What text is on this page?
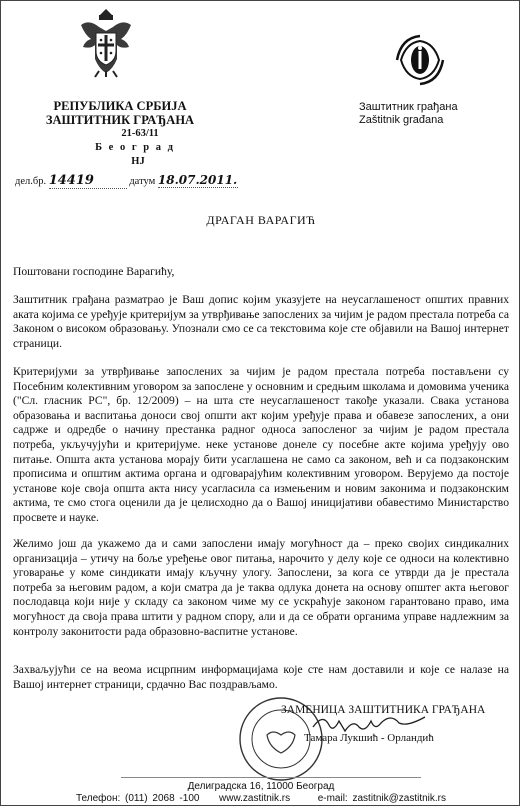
РЕПУБЛИКА СРБИЈА
ЗАШТИТНИК ГРАЂАНА
21-63/11
Б е о г р а д
НЈ
Заштитник грађана
Zaštitnik građana
дел.бр. 14419	датум 18.07.2011.
ДРАГАН ВАРАГИЋ
Поштовани господине Варагићу,
Заштитник грађана разматрао је Ваш допис којим указујете на неусаглашеност општих правних аката којима се уређује критеријум за утврђивање запослених за чијим је радом престала потреба са Законом о високом образовању. Упознали смо се са текстовима које сте објавили на Вашој интернет страници.
Критеријуми за утврђивање запослених за чијим је радом престала потреба постављени су Посебним колективним уговором за запослене у основним и средњим школама и домовима ученика ("Сл. гласник РС", бр. 12/2009) – на шта сте неусаглашеност такође указали. Свака установа образовања и васпитања доноси свој општи акт којим уређује права и обавезе запослених, а они садрже и одредбе о начину престанка радног односа запосленог за чијим је радом престала потреба, укључујући и критеријуме. неке установе донеле су посебне акте којима уређују ово питање. Општа акта установа морају бити усаглашена не само са законом, већ и са подзаконским прописима и општим актима органа и одговарајућим колективним уговором. Верујемо да постоје установе које своја општа акта нису усагласила са измењеним и новим законима и подзаконским актима, те смо стога оценили да је целисходно да о Вашој иницијативи обавестимо Министарство просвете и науке.
Желимо још да укажемо да и сами запослени имају могућност да – преко својих синдикалних организација – утичу на боље уређење овог питања, нарочито у делу које се односи на колективно уговарање у коме синдикати имају кључну улогу. Запослени, за кога се утврди да је престала потреба за његовим радом, а који сматра да је таква одлука донета на основу општег акта његовог послодавца који није у складу са законом чиме му се ускраћује законом гарантовано право, има могућност да своја права штити у радном спору, али и да се обрати органима управе надлежним за контролу законитости рада образовно-васпитне установе.
Захваљујући се на веома исцрпним информацијама које сте нам доставили и које се налазе на Вашој интернет страници, срдачно Вас поздрављамо.
ЗАМЕНИЦА ЗАШТИТНИКА ГРАЂАНА
Тамара Лукшић - Орландић
Делиградска 16, 11000 Београд
Телефон: (011) 2068 -100 www.zastitnik.rs	e-mail: zastitnik@zastitnik.rs
